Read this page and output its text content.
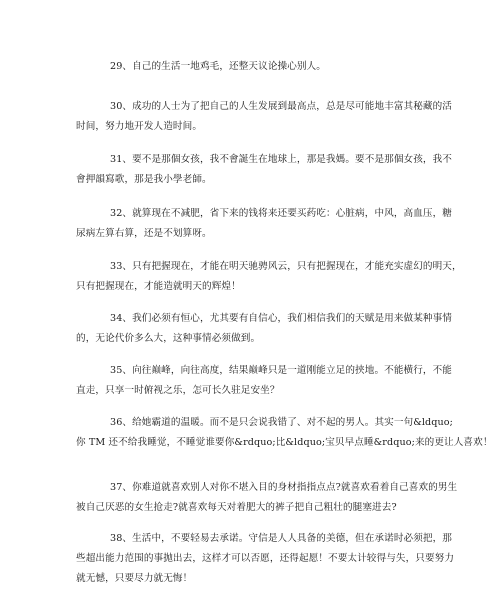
29、自己的生活一地鸡毛，还整天议论操心别人。
30、成功的人士为了把自己的人生发展到最高点，总是尽可能地丰富其秘藏的活
时间，努力地开发人造时间。
31、要不是那個女孩，我不會誕生在地球上，那是我媽。要不是那個女孩，我不
會押韻寫歌，那是我小學老師。
32、就算现在不减肥，省下来的钱将来还要买药吃：心脏病，中风，高血压，糖
尿病左算右算，还是不划算呀。
33、只有把握现在，才能在明天驰骋风云，只有把握现在，才能充实虚幻的明天，
只有把握现在，才能造就明天的辉煌！
34、我们必须有恒心，尤其要有自信心，我们相信我们的天赋是用来做某种事情
的，无论代价多么大，这种事情必须做到。
35、向往巅峰，向往高度，结果巅峰只是一道刚能立足的挟地。不能横行，不能
直走，只享一时俯视之乐，怎可长久驻足安坐？
36、给她霸道的温暖。而不是只会说我错了、对不起的男人。其实一句&ldquo;
你 TM 还不给我睡觉，不睡觉谁要你&rdquo;比&ldquo;宝贝早点睡&rdquo;来的更让人喜欢！
37、你难道就喜欢别人对你不堪入目的身材指指点点?就喜欢看着自己喜欢的男生
被自己厌恶的女生抢走?就喜欢每天对着肥大的裤子把自己粗壮的腿塞进去?
38、生活中，不要轻易去承诺。守信是人人具备的美德，但在承诺时必须把，那
些超出能力范围的事抛出去，这样才可以否愿，还得起愿！不要太计较得与失，只要努力
就无憾，只要尽力就无悔！
